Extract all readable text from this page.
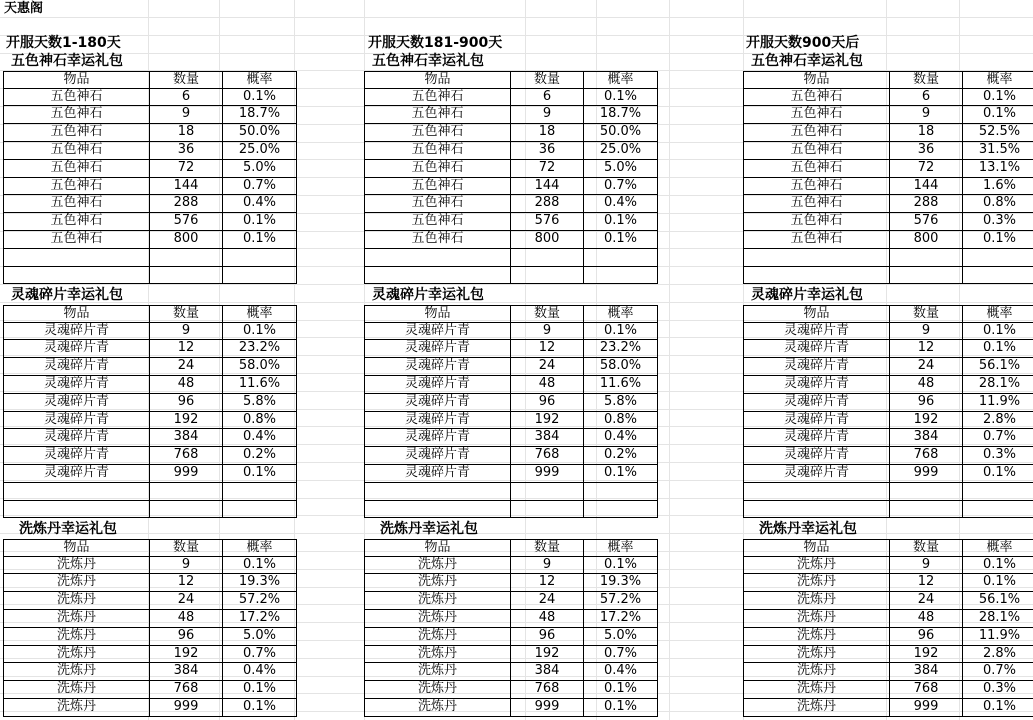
天惠阁
开服天数1-180天
五色神石幸运礼包
物品	数量	概率
五色神石	6	0.1%
五色神石	9	18.7%
五色神石	18	50.0%
五色神石	36	25.0%
五色神石	72	5.0%
五色神石	144	0.7%
五色神石	288	0.4%
五色神石	576	0.1%
五色神石	800	0.1%
灵魂碎片幸运礼包
物品	数量	概率
灵魂碎片青	9	0.1%
灵魂碎片青	12	23.2%
灵魂碎片青	24	58.0%
灵魂碎片青	48	11.6%
灵魂碎片青	96	5.8%
灵魂碎片青	192	0.8%
灵魂碎片青	384	0.4%
灵魂碎片青	768	0.2%
灵魂碎片青	999	0.1%
洗炼丹幸运礼包
物品	数量	概率
洗炼丹	9	0.1%
洗炼丹	12	19.3%
洗炼丹	24	57.2%
洗炼丹	48	17.2%
洗炼丹	96	5.0%
洗炼丹	192	0.7%
洗炼丹	384	0.4%
洗炼丹	768	0.1%
洗炼丹	999	0.1%
开服天数181-900天
五色神石幸运礼包
物品	数量	概率
五色神石	6	0.1%
五色神石	9	18.7%
五色神石	18	50.0%
五色神石	36	25.0%
五色神石	72	5.0%
五色神石	144	0.7%
五色神石	288	0.4%
五色神石	576	0.1%
五色神石	800	0.1%
灵魂碎片幸运礼包
物品	数量	概率
灵魂碎片青	9	0.1%
灵魂碎片青	12	23.2%
灵魂碎片青	24	58.0%
灵魂碎片青	48	11.6%
灵魂碎片青	96	5.8%
灵魂碎片青	192	0.8%
灵魂碎片青	384	0.4%
灵魂碎片青	768	0.2%
灵魂碎片青	999	0.1%
洗炼丹幸运礼包
物品	数量	概率
洗炼丹	9	0.1%
洗炼丹	12	19.3%
洗炼丹	24	57.2%
洗炼丹	48	17.2%
洗炼丹	96	5.0%
洗炼丹	192	0.7%
洗炼丹	384	0.4%
洗炼丹	768	0.1%
洗炼丹	999	0.1%
开服天数900天后
五色神石幸运礼包
物品	数量	概率
五色神石	6	0.1%
五色神石	9	0.1%
五色神石	18	52.5%
五色神石	36	31.5%
五色神石	72	13.1%
五色神石	144	1.6%
五色神石	288	0.8%
五色神石	576	0.3%
五色神石	800	0.1%
灵魂碎片幸运礼包
物品	数量	概率
灵魂碎片青	9	0.1%
灵魂碎片青	12	0.1%
灵魂碎片青	24	56.1%
灵魂碎片青	48	28.1%
灵魂碎片青	96	11.9%
灵魂碎片青	192	2.8%
灵魂碎片青	384	0.7%
灵魂碎片青	768	0.3%
灵魂碎片青	999	0.1%
洗炼丹幸运礼包
物品	数量	概率
洗炼丹	9	0.1%
洗炼丹	12	0.1%
洗炼丹	24	56.1%
洗炼丹	48	28.1%
洗炼丹	96	11.9%
洗炼丹	192	2.8%
洗炼丹	384	0.7%
洗炼丹	768	0.3%
洗炼丹	999	0.1%
